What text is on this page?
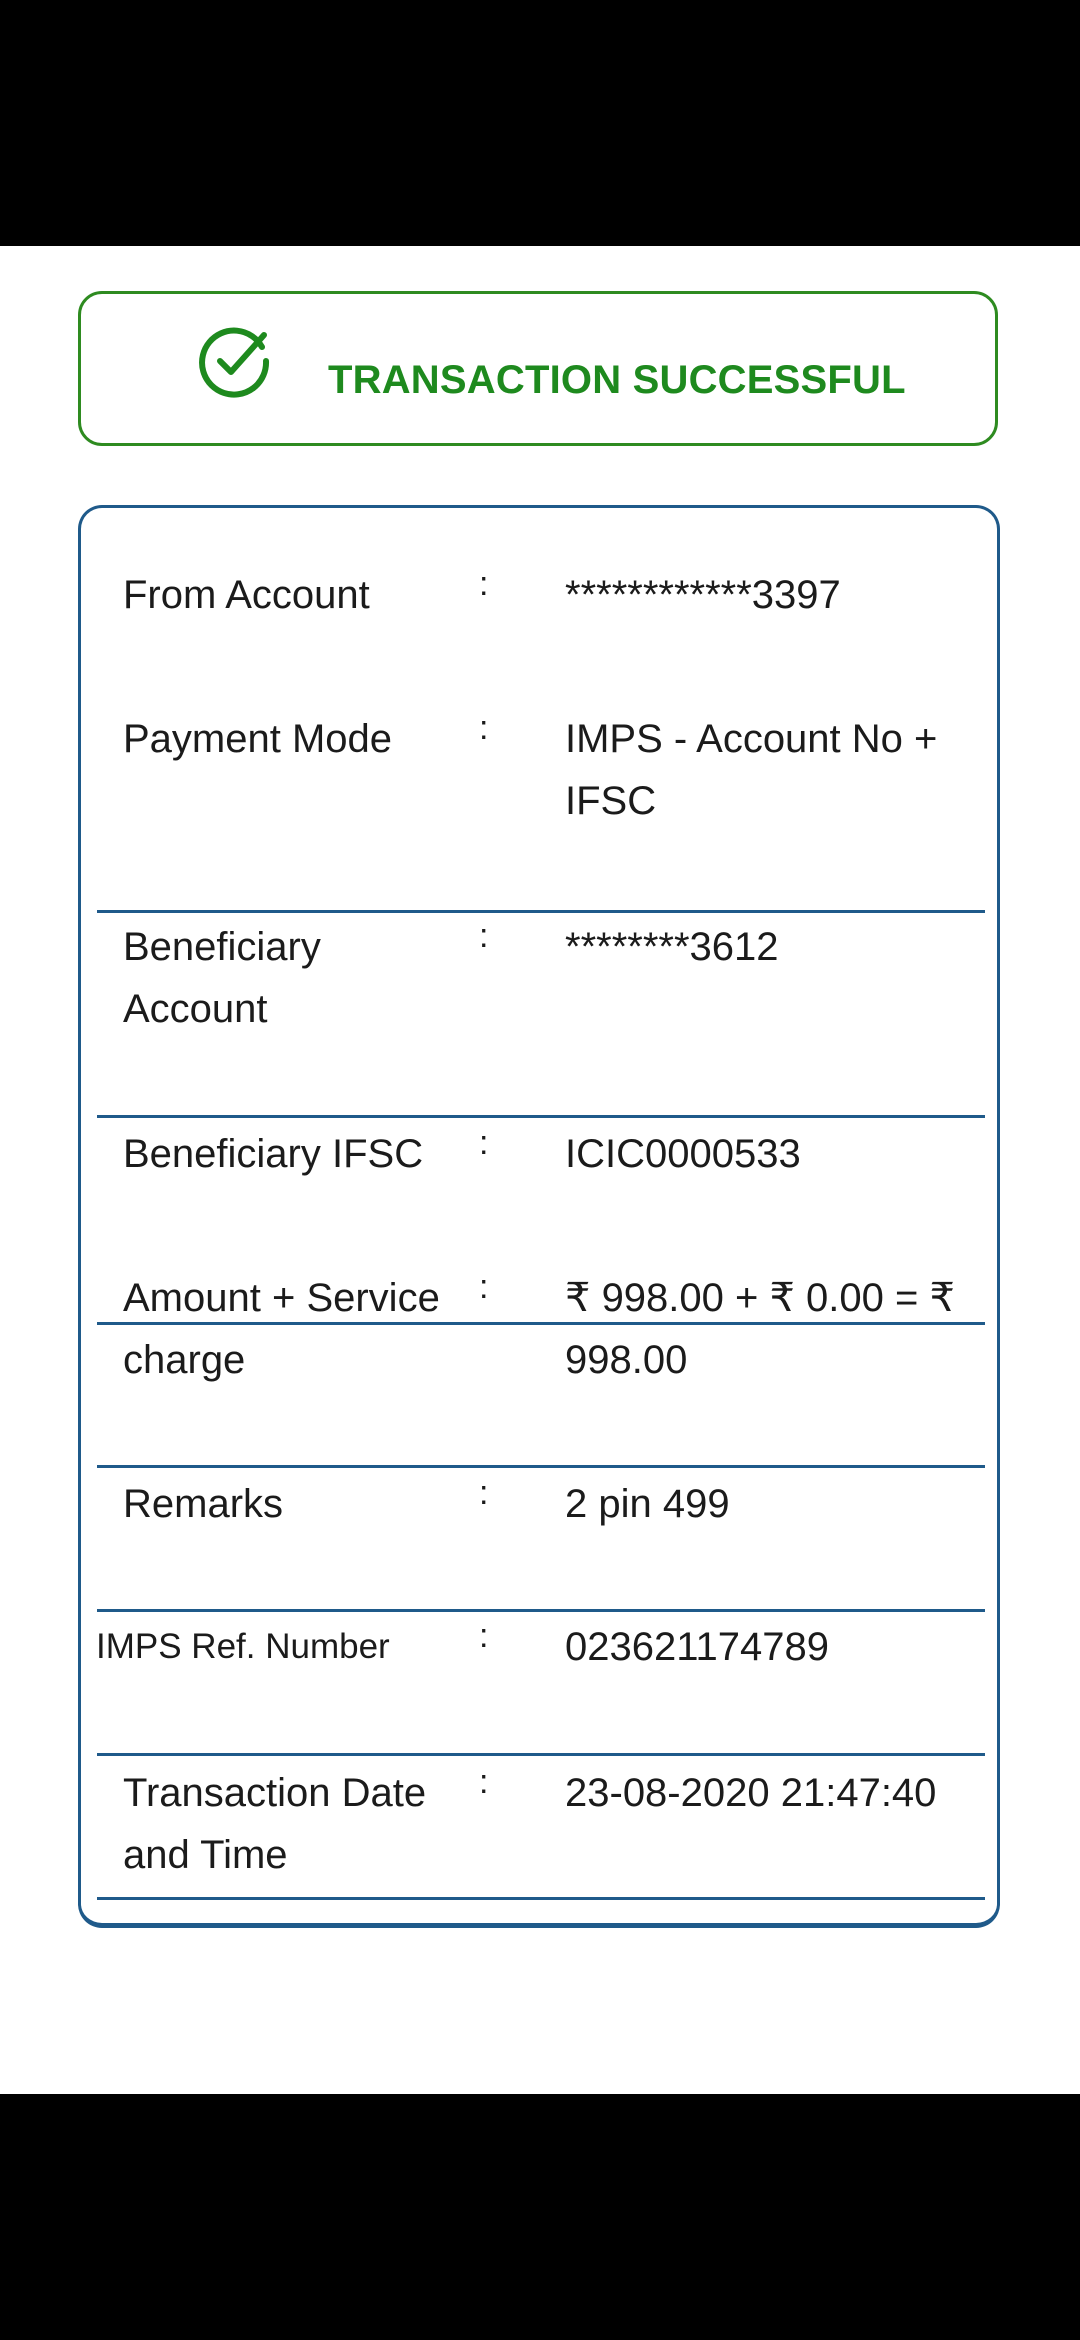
TRANSACTION SUCCESSFUL
From Account	: ************3397
Payment Mode	: IMPS - Account No + IFSC
Beneficiary Account
: ********3612
Beneficiary IFSC	: ICIC0000533
Amount + Service charge
: ₹ 998.00 + ₹ 0.00 = ₹ 998.00
Remarks	: 2 pin 499
IMPS Ref. Number	: 023621174789
Transaction Date and Time
: 23-08-2020 21:47:40
